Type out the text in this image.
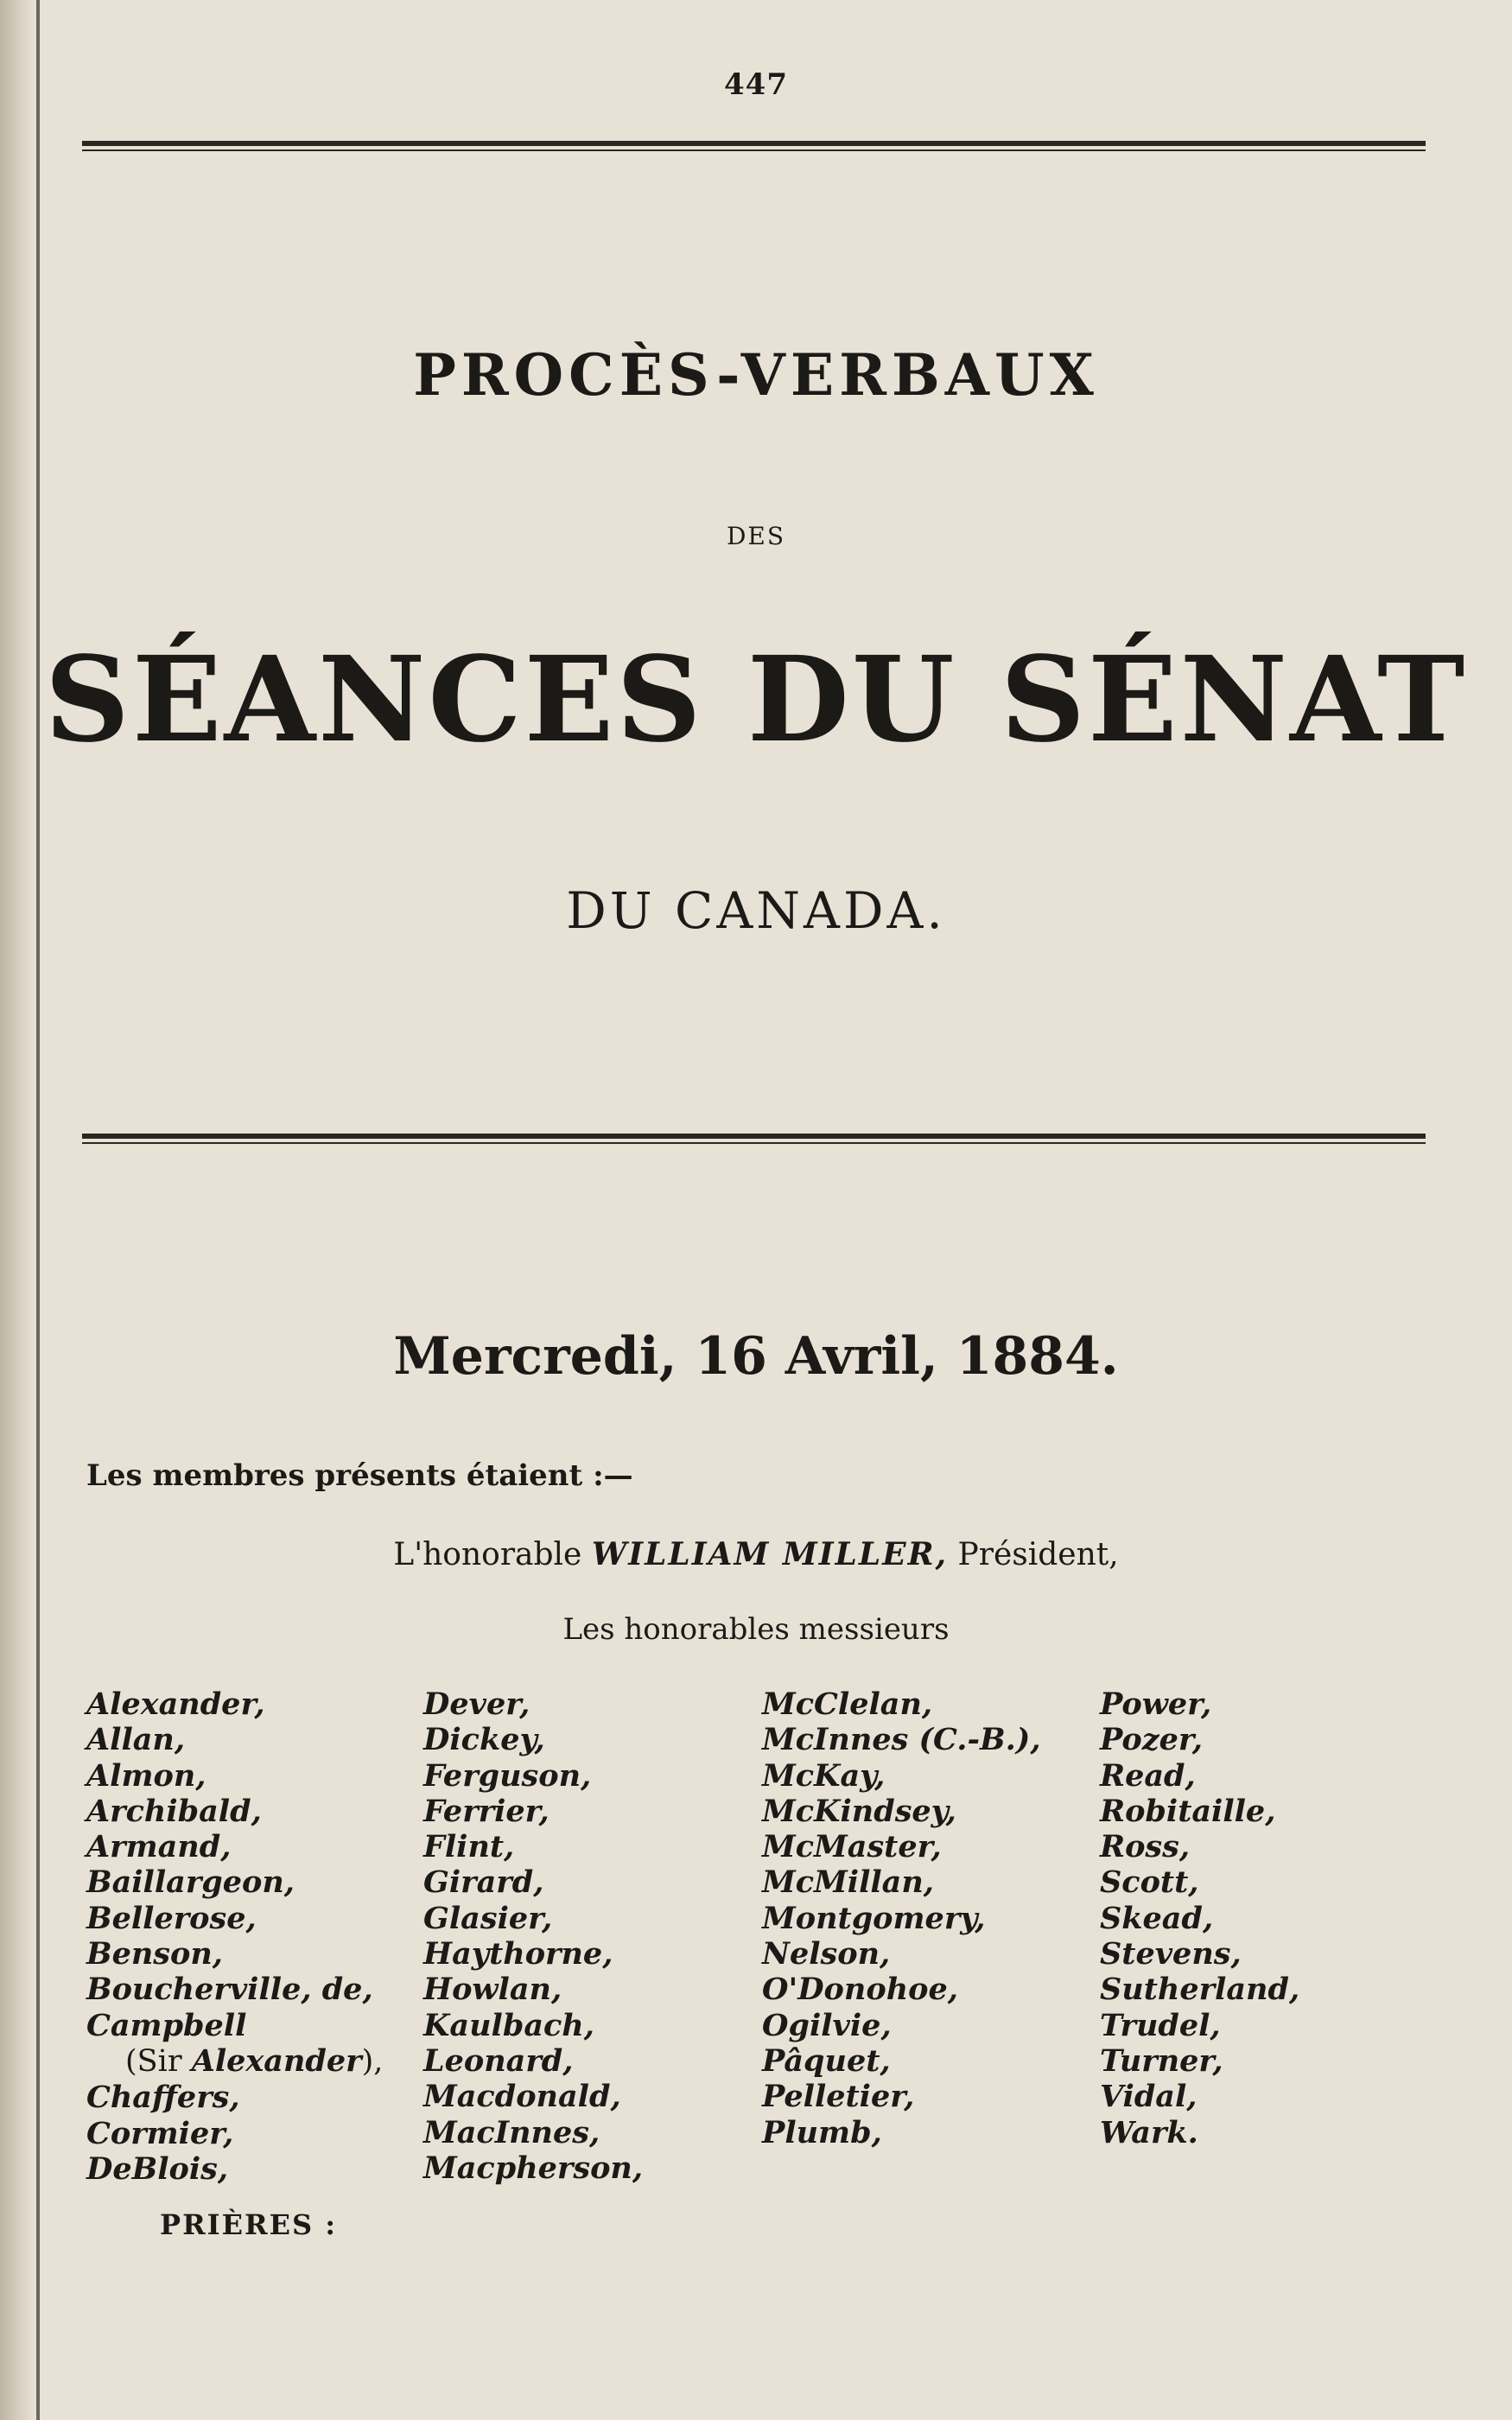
447
PROCÈS-VERBAUX
DES
SÉANCES DU SÉNAT
DU CANADA.
Mercredi, 16 Avril, 1884.
Les membres présents étaient :—
L'honorable WILLIAM MILLER, Président,
Les honorables messieurs
Alexander,
Allan,
Almon,
Archibald,
Armand,
Baillargeon,
Bellerose,
Benson,
Boucherville, de,
Campbell
(Sir Alexander),
Chaffers,
Cormier,
DeBlois,
Dever,
Dickey,
Ferguson,
Ferrier,
Flint,
Girard,
Glasier,
Haythorne,
Howlan,
Kaulbach,
Leonard,
Macdonald,
MacInnes,
Macpherson,
McClelan,
McInnes (C.-B.),
McKay,
McKindsey,
McMaster,
McMillan,
Montgomery,
Nelson,
O'Donohoe,
Ogilvie,
Pâquet,
Pelletier,
Plumb,
Power,
Pozer,
Read,
Robitaille,
Ross,
Scott,
Skead,
Stevens,
Sutherland,
Trudel,
Turner,
Vidal,
Wark.
PRIÈRES :
